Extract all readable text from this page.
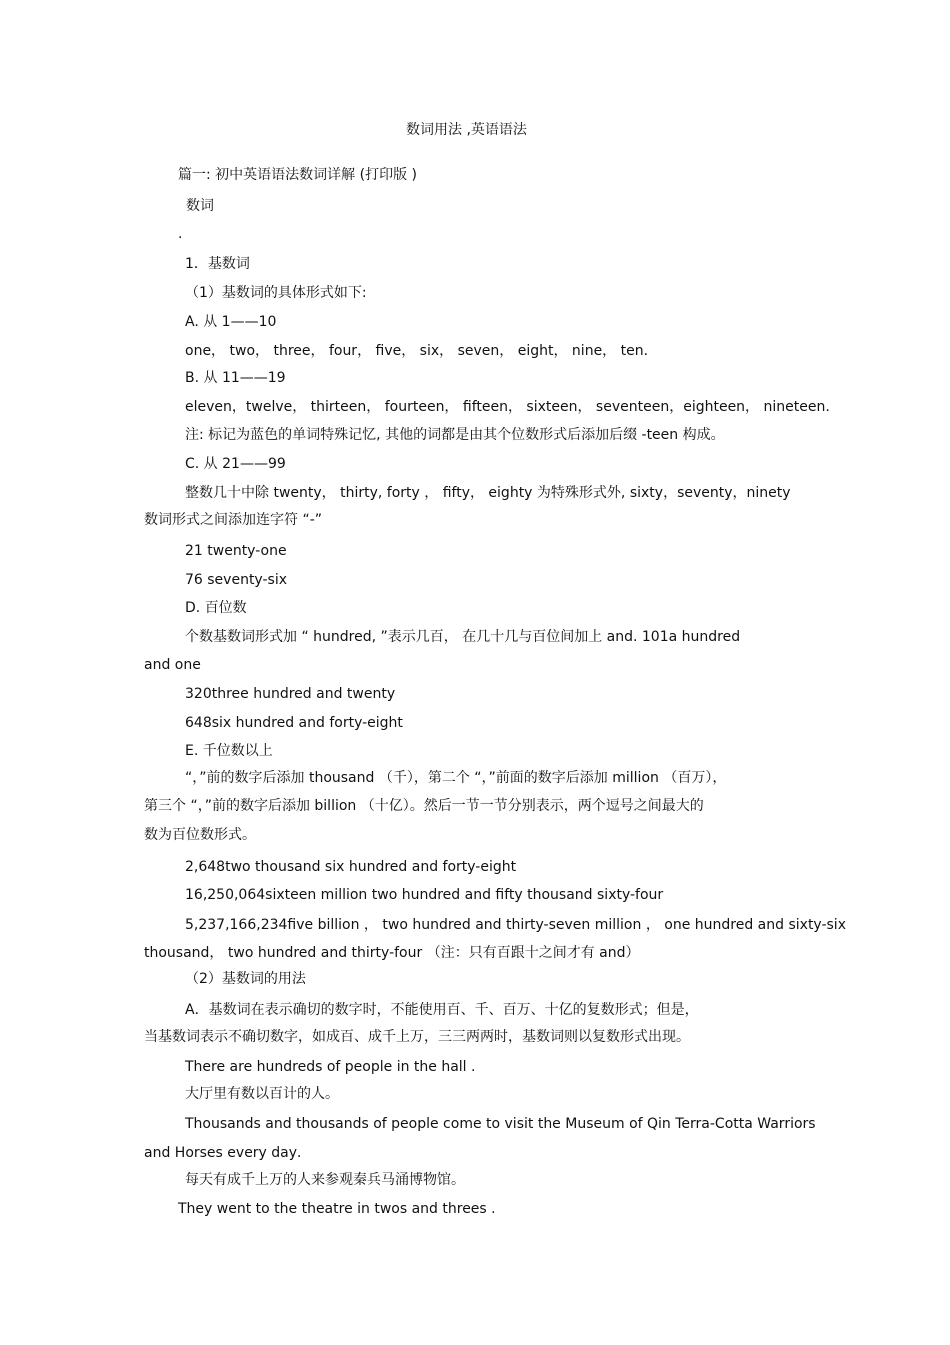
数词用法 ,英语语法
篇一: 初中英语语法数词详解 (打印版 )
数词
.
1．基数词
（1）基数词的具体形式如下:
A. 从 1——10
one， two， three， four， five， six， seven， eight， nine， ten．
B. 从 11——19
eleven，twelve， thirteen， fourteen， fifteen， sixteen， seventeen，eighteen， nineteen.
注: 标记为蓝色的单词特殊记忆, 其他的词都是由其个位数形式后添加后缀 -teen 构成。
C. 从 21——99
整数几十中除 twenty， thirty, forty ， fifty， eighty 为特殊形式外, sixty，seventy，ninety
数词形式之间添加连字符 “-”
21 twenty-one
76 seventy-six
D. 百位数
个数基数词形式加 “ hundred, ”表示几百， 在几十几与百位间加上 and. 101a hundred
and one
320three hundred and twenty
648six hundred and forty-eight
E. 千位数以上
“，”前的数字后添加 thousand （千），第二个 “，”前面的数字后添加 million （百万），
第三个 “，”前的数字后添加 billion （十亿）。然后一节一节分别表示，两个逗号之间最大的
数为百位数形式。
2,648two thousand six hundred and forty-eight
16,250,064sixteen million two hundred and fifty thousand sixty-four
5,237,166,234five billion ， two hundred and thirty-seven million ， one hundred and sixty-six
thousand， two hundred and thirty-four （注：只有百跟十之间才有 and）
（2）基数词的用法
A．基数词在表示确切的数字时，不能使用百、千、百万、十亿的复数形式；但是，
当基数词表示不确切数字，如成百、成千上万，三三两两时，基数词则以复数形式出现。
There are hundreds of people in the hall .
大厅里有数以百计的人。
Thousands and thousands of people come to visit the Museum of Qin Terra-Cotta Warriors
and Horses every day．
每天有成千上万的人来参观秦兵马涌博物馆。
They went to the theatre in twos and threes .
